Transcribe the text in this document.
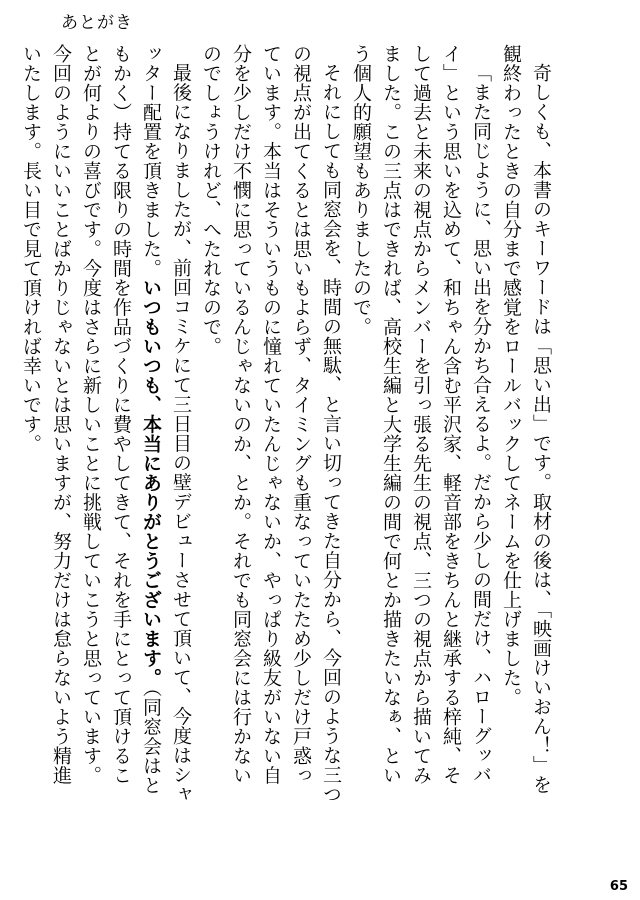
あとがき

奇しくも、本書のキーワードは「思い出」です。取材の後は、「映画けいおん！」を観終わったときの自分まで感覚をロールバックしてネームを仕上げました。

「また同じように、思い出を分かち合えるよ。だから少しの間だけ、ハローグッバイ」という思いを込めて、和ちゃん含む平沢家、軽音部をきちんと継承する梓純、そして過去と未来の視点からメンバーを引っ張る先生の視点、三つの視点から描いてみました。この三点はできれば、高校生編と大学生編の間で何とか描きたいなぁ、という個人的願望もありましたので。

それにしても同窓会を、時間の無駄、と言い切ってきた自分から、今回のような三つの視点が出てくるとは思いもよらず、タイミングも重なっていたため少しだけ戸惑っています。本当はそういうものに憧れていたんじゃないか、やっぱり級友がいない自分を少しだけ不憫に思っているんじゃないのか、とか。それでも同窓会には行かないのでしょうけれど、へたれなので。

最後になりましたが、前回コミケにて三日目の壁デビューさせて頂いて、今度はシャッター配置を頂きました。いつもいつも、本当にありがとうございます。（同窓会はともかく）持てる限りの時間を作品づくりに費やしてきて、それを手にとって頂けることが何よりの喜びです。今度はさらに新しいことに挑戦していこうと思っています。今回のようにいいことばかりじゃないとは思いますが、努力だけは怠らないよう精進いたします。長い目で見て頂ければ幸いです。

65
